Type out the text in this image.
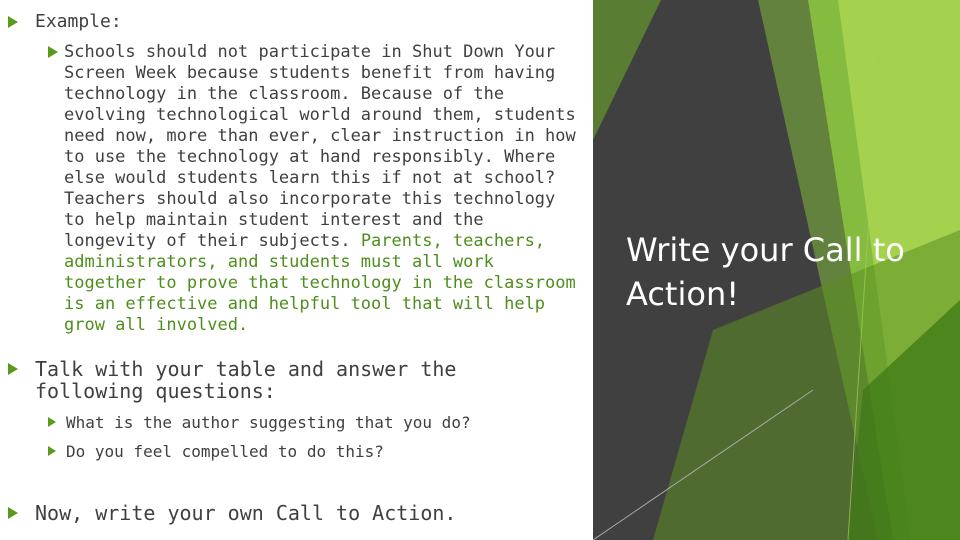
Example:
Schools should not participate in Shut Down Your Screen Week because students benefit from having technology in the classroom. Because of the evolving technological world around them, students need now, more than ever, clear instruction in how to use the technology at hand responsibly. Where else would students learn this if not at school? Teachers should also incorporate this technology to help maintain student interest and the longevity of their subjects. Parents, teachers, administrators, and students must all work together to prove that technology in the classroom is an effective and helpful tool that will help grow all involved.
Talk with your table and answer the following questions:
What is the author suggesting that you do?
Do you feel compelled to do this?
Now, write your own Call to Action.
Write your Call to Action!
